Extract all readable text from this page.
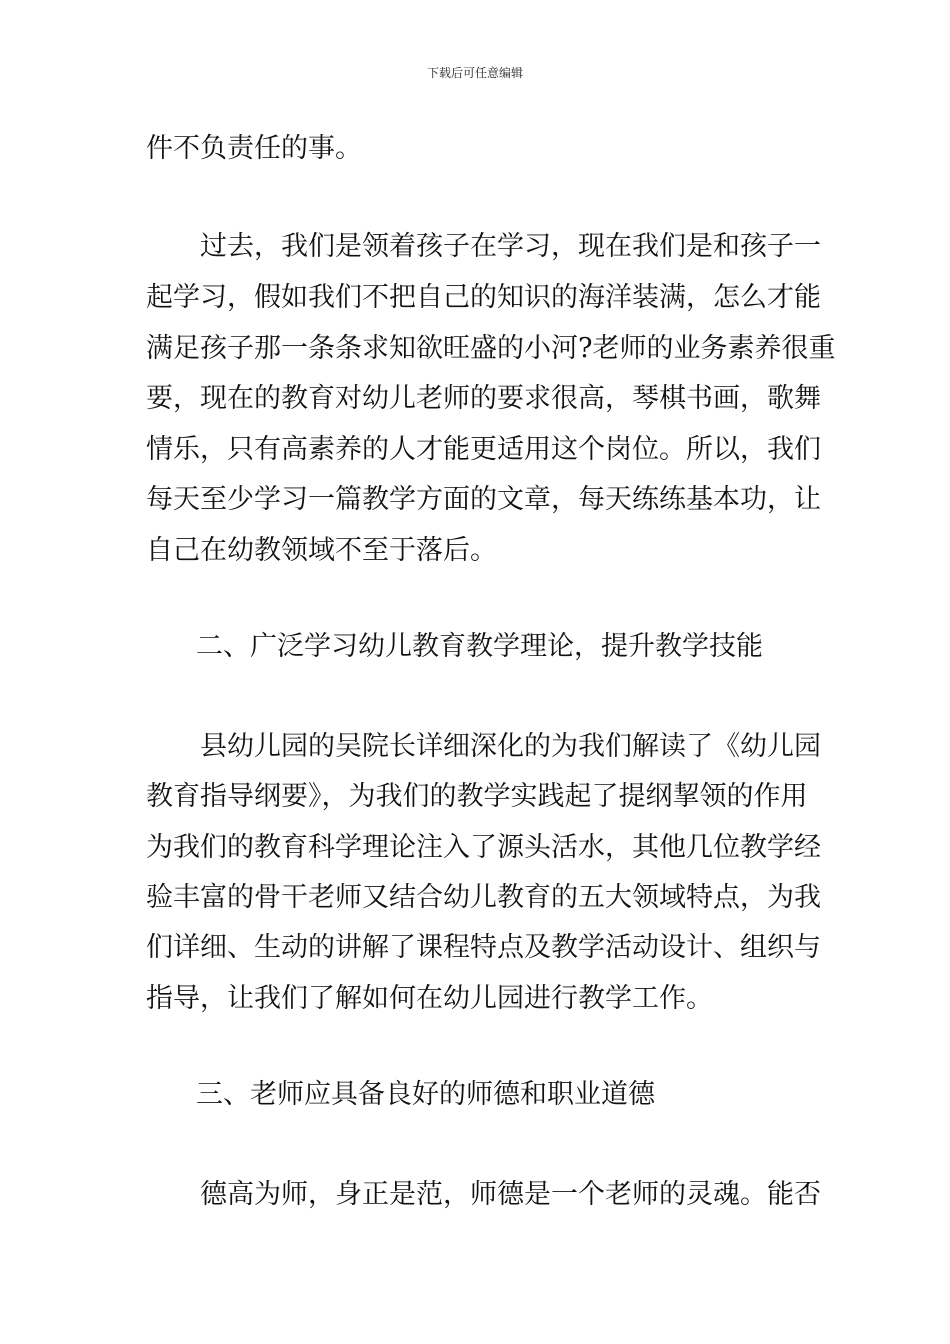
下载后可任意编辑
件不负责任的事。
过去，我们是领着孩子在学习，现在我们是和孩子一
起学习，假如我们不把自己的知识的海洋装满，怎么才能
满足孩子那一条条求知欲旺盛的小河?老师的业务素养很重
要，现在的教育对幼儿老师的要求很高，琴棋书画，歌舞
情乐，只有高素养的人才能更适用这个岗位。所以，我们
每天至少学习一篇教学方面的文章，每天练练基本功，让
自己在幼教领域不至于落后。
二、广泛学习幼儿教育教学理论，提升教学技能
县幼儿园的吴院长详细深化的为我们解读了《幼儿园
教育指导纲要》，为我们的教学实践起了提纲挈领的作用
为我们的教育科学理论注入了源头活水，其他几位教学经
验丰富的骨干老师又结合幼儿教育的五大领域特点，为我
们详细、生动的讲解了课程特点及教学活动设计、组织与
指导，让我们了解如何在幼儿园进行教学工作。
三、老师应具备良好的师德和职业道德
德高为师，身正是范，师德是一个老师的灵魂。能否
